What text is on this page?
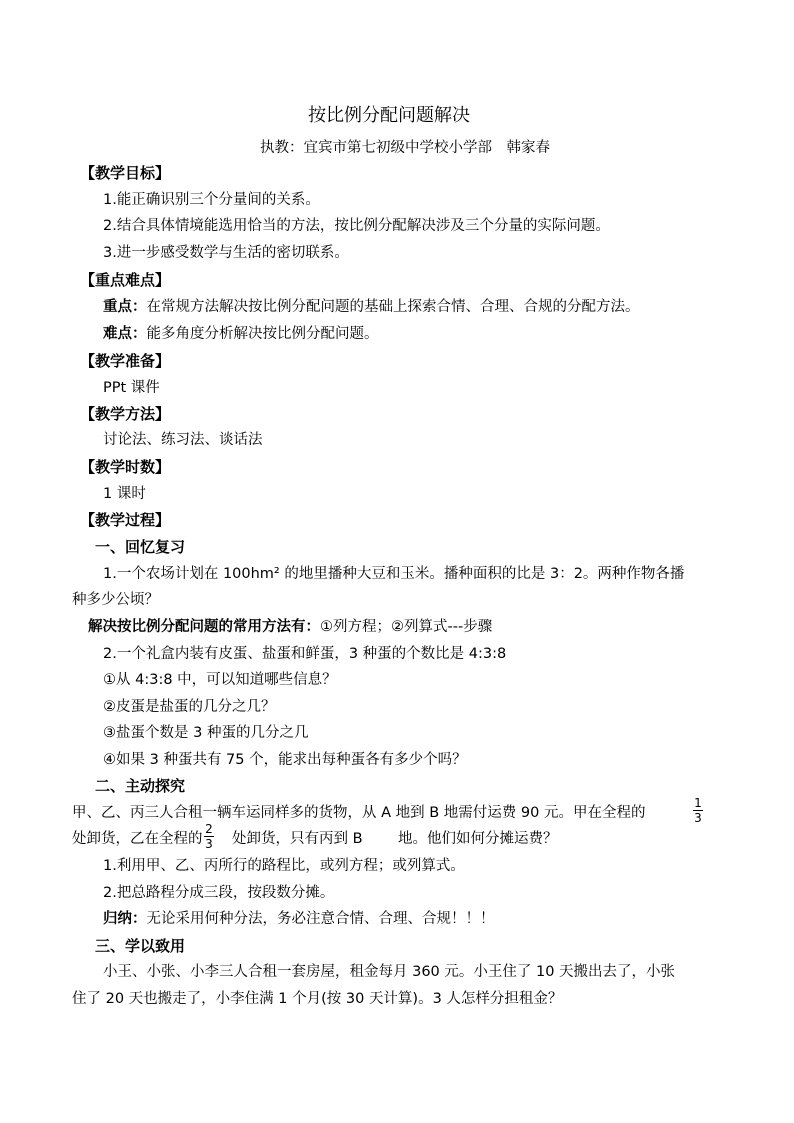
按比例分配问题解决
执教：宜宾市第七初级中学校小学部　韩家春
【教学目标】
1.能正确识别三个分量间的关系。
2.结合具体情境能选用恰当的方法，按比例分配解决涉及三个分量的实际问题。
3.进一步感受数学与生活的密切联系。
【重点难点】
重点：在常规方法解决按比例分配问题的基础上探索合情、合理、合规的分配方法。
难点：能多角度分析解决按比例分配问题。
【教学准备】
PPt 课件
【教学方法】
讨论法、练习法、谈话法
【教学时数】
1 课时
【教学过程】
一、回忆复习
1.一个农场计划在 100hm² 的地里播种大豆和玉米。播种面积的比是 3：2。两种作物各播
种多少公顷？
解决按比例分配问题的常用方法有：①列方程；②列算式---步骤
2.一个礼盒内装有皮蛋、盐蛋和鲜蛋，3 种蛋的个数比是 4:3:8
①从 4:3:8 中，可以知道哪些信息？
②皮蛋是盐蛋的几分之几？
③盐蛋个数是 3 种蛋的几分之几
④如果 3 种蛋共有 75 个，能求出每种蛋各有多少个吗？
二、主动探究
甲、乙、丙三人合租一辆车运同样多的货物，从 A 地到 B 地需付运费 90 元。甲在全程的
1
3
处卸货，乙在全程的
2
3 处卸货，只有丙到 B 地。他们如何分摊运费？
1.利用甲、乙、丙所行的路程比，或列方程；或列算式。
2.把总路程分成三段，按段数分摊。
归纳：无论采用何种分法，务必注意合情、合理、合规！！！
三、学以致用
小王、小张、小李三人合租一套房屋，租金每月 360 元。小王住了 10 天搬出去了，小张
住了 20 天也搬走了，小李住满 1 个月(按 30 天计算)。3 人怎样分担租金？
